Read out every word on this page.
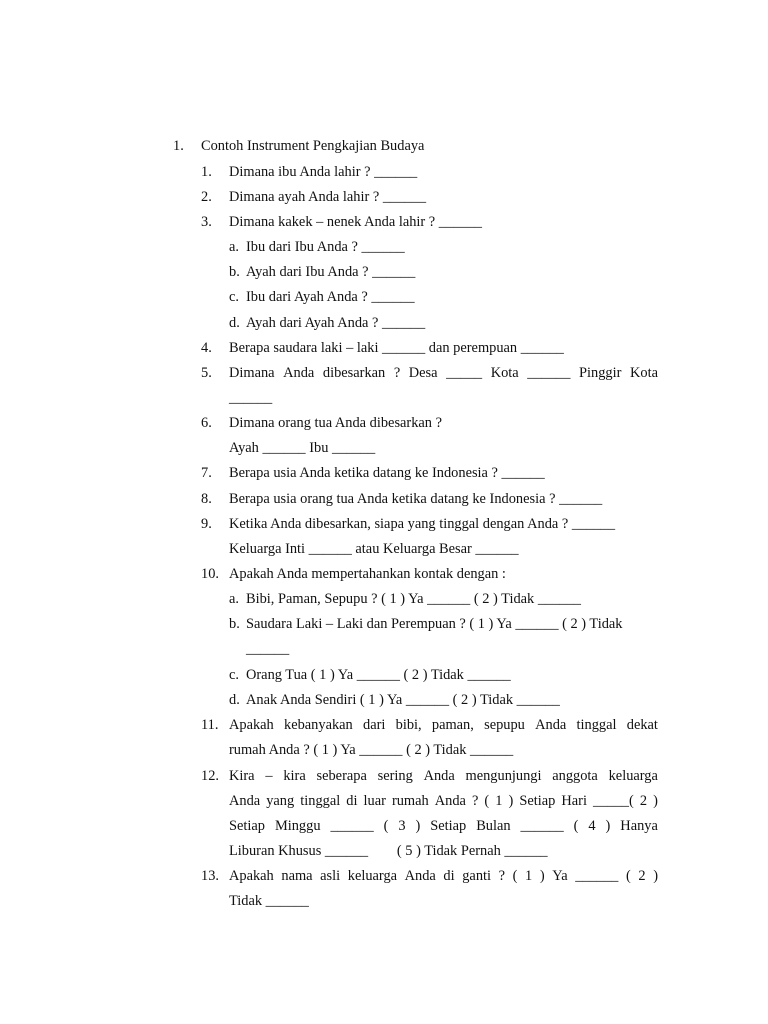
1. Contoh Instrument Pengkajian Budaya
1. Dimana ibu Anda lahir ? ______
2. Dimana ayah Anda lahir ? ______
3. Dimana kakek – nenek Anda lahir ? ______
a. Ibu dari Ibu Anda ? ______
b. Ayah dari Ibu Anda ? ______
c. Ibu dari Ayah Anda ? ______
d. Ayah dari Ayah Anda ? ______
4. Berapa saudara laki – laki ______ dan perempuan ______
5. Dimana Anda dibesarkan ? Desa _____ Kota ______ Pinggir Kota
______
6. Dimana orang tua Anda dibesarkan ?
Ayah ______ Ibu ______
7. Berapa usia Anda ketika datang ke Indonesia ? ______
8. Berapa usia orang tua Anda ketika datang ke Indonesia ? ______
9. Ketika Anda dibesarkan, siapa yang tinggal dengan Anda ? ______
Keluarga Inti ______ atau Keluarga Besar ______
10. Apakah Anda mempertahankan kontak dengan :
a. Bibi, Paman, Sepupu ? ( 1 ) Ya ______ ( 2 ) Tidak ______
b. Saudara Laki – Laki dan Perempuan ? ( 1 ) Ya ______ ( 2 ) Tidak
______
c. Orang Tua ( 1 ) Ya ______ ( 2 ) Tidak ______
d. Anak Anda Sendiri ( 1 ) Ya ______ ( 2 ) Tidak ______
11. Apakah kebanyakan dari bibi, paman, sepupu Anda tinggal dekat
rumah Anda ? ( 1 ) Ya ______ ( 2 ) Tidak ______
12. Kira – kira seberapa sering Anda mengunjungi anggota keluarga
Anda yang tinggal di luar rumah Anda ? ( 1 ) Setiap Hari _____( 2 )
Setiap Minggu ______ ( 3 ) Setiap Bulan ______ ( 4 ) Hanya
Liburan Khusus ______        ( 5 ) Tidak Pernah ______
13. Apakah nama asli keluarga Anda di ganti ? ( 1 ) Ya ______ ( 2 )
Tidak ______
